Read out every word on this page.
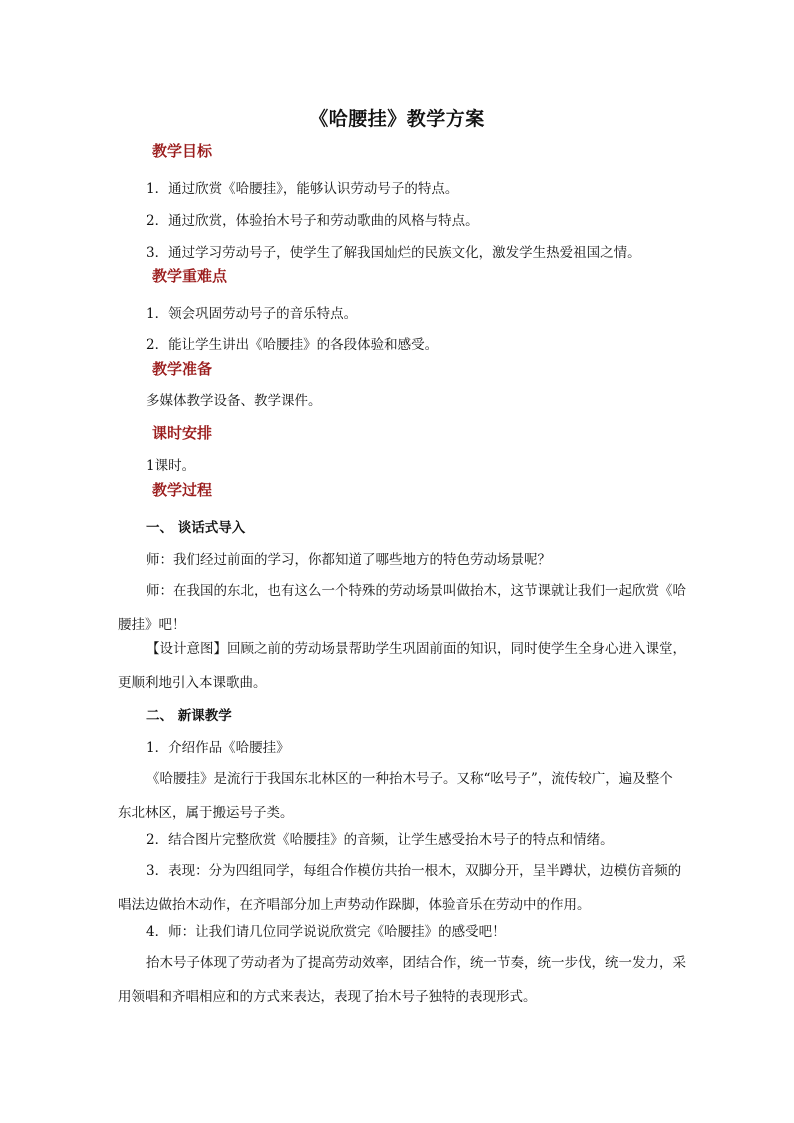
《哈腰挂》教学方案
教学目标
1．通过欣赏《哈腰挂》，能够认识劳动号子的特点。
2．通过欣赏，体验抬木号子和劳动歌曲的风格与特点。
3．通过学习劳动号子，使学生了解我国灿烂的民族文化，激发学生热爱祖国之情。
教学重难点
1．领会巩固劳动号子的音乐特点。
2．能让学生讲出《哈腰挂》的各段体验和感受。
教学准备
多媒体教学设备、教学课件。
课时安排
1课时。
教学过程
一、 谈话式导入
师：我们经过前面的学习，你都知道了哪些地方的特色劳动场景呢？
师：在我国的东北，也有这么一个特殊的劳动场景叫做抬木，这节课就让我们一起欣赏《哈腰挂》吧！
【设计意图】回顾之前的劳动场景帮助学生巩固前面的知识，同时使学生全身心进入课堂，更顺利地引入本课歌曲。
二、 新课教学
1．介绍作品《哈腰挂》
《哈腰挂》是流行于我国东北林区的一种抬木号子。又称“吆号子”，流传较广，遍及整个东北林区，属于搬运号子类。
2．结合图片完整欣赏《哈腰挂》的音频，让学生感受抬木号子的特点和情绪。
3．表现：分为四组同学，每组合作模仿共抬一根木，双脚分开，呈半蹲状，边模仿音频的唱法边做抬木动作，在齐唱部分加上声势动作跺脚，体验音乐在劳动中的作用。
4．师：让我们请几位同学说说欣赏完《哈腰挂》的感受吧！
抬木号子体现了劳动者为了提高劳动效率，团结合作，统一节奏，统一步伐，统一发力，采用领唱和齐唱相应和的方式来表达，表现了抬木号子独特的表现形式。
